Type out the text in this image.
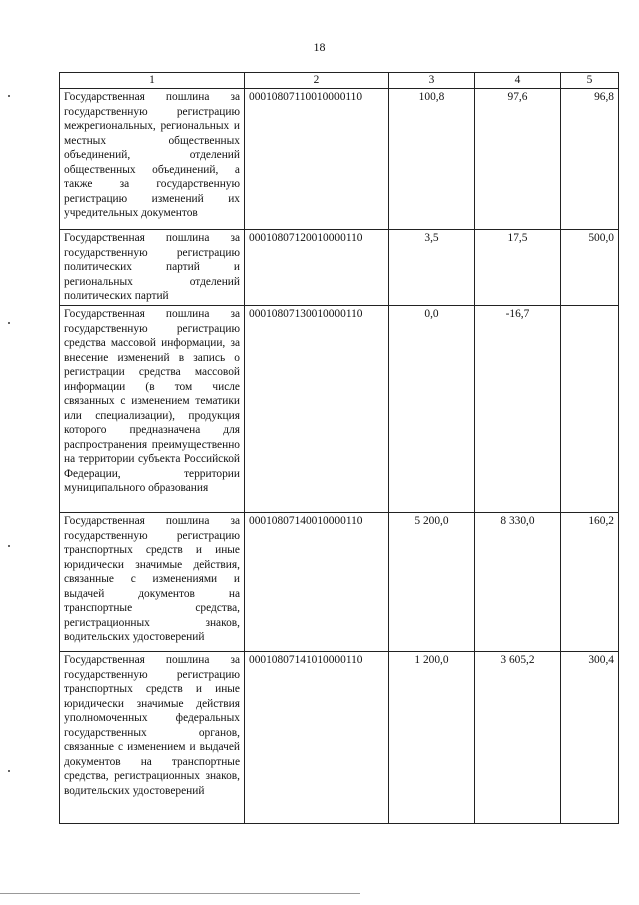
18
1	2	3	4	5
Государственная пошлина за государственную регистрацию межрегиональных, региональных и местных общественных объединений, отделений общественных объединений, а также за государственную регистрацию изменений их учредительных документов	00010807110010000110	100,8	97,6	96,8
Государственная пошлина за государственную регистрацию политических партий и региональных отделений политических партий	00010807120010000110	3,5	17,5	500,0
Государственная пошлина за государственную регистрацию средства массовой информации, за внесение изменений в запись о регистрации средства массовой информации (в том числе связанных с изменением тематики или специализации), продукция которого предназначена для распространения преимущественно на территории субъекта Российской Федерации, территории муниципального образования	00010807130010000110	0,0	-16,7	
Государственная пошлина за государственную регистрацию транспортных средств и иные юридически значимые действия, связанные с изменениями и выдачей документов на транспортные средства, регистрационных знаков, водительских удостоверений	00010807140010000110	5 200,0	8 330,0	160,2
Государственная пошлина за государственную регистрацию транспортных средств и иные юридически значимые действия уполномоченных федеральных государственных органов, связанные с изменением и выдачей документов на транспортные средства, регистрационных знаков, водительских удостоверений	00010807141010000110	1 200,0	3 605,2	300,4
